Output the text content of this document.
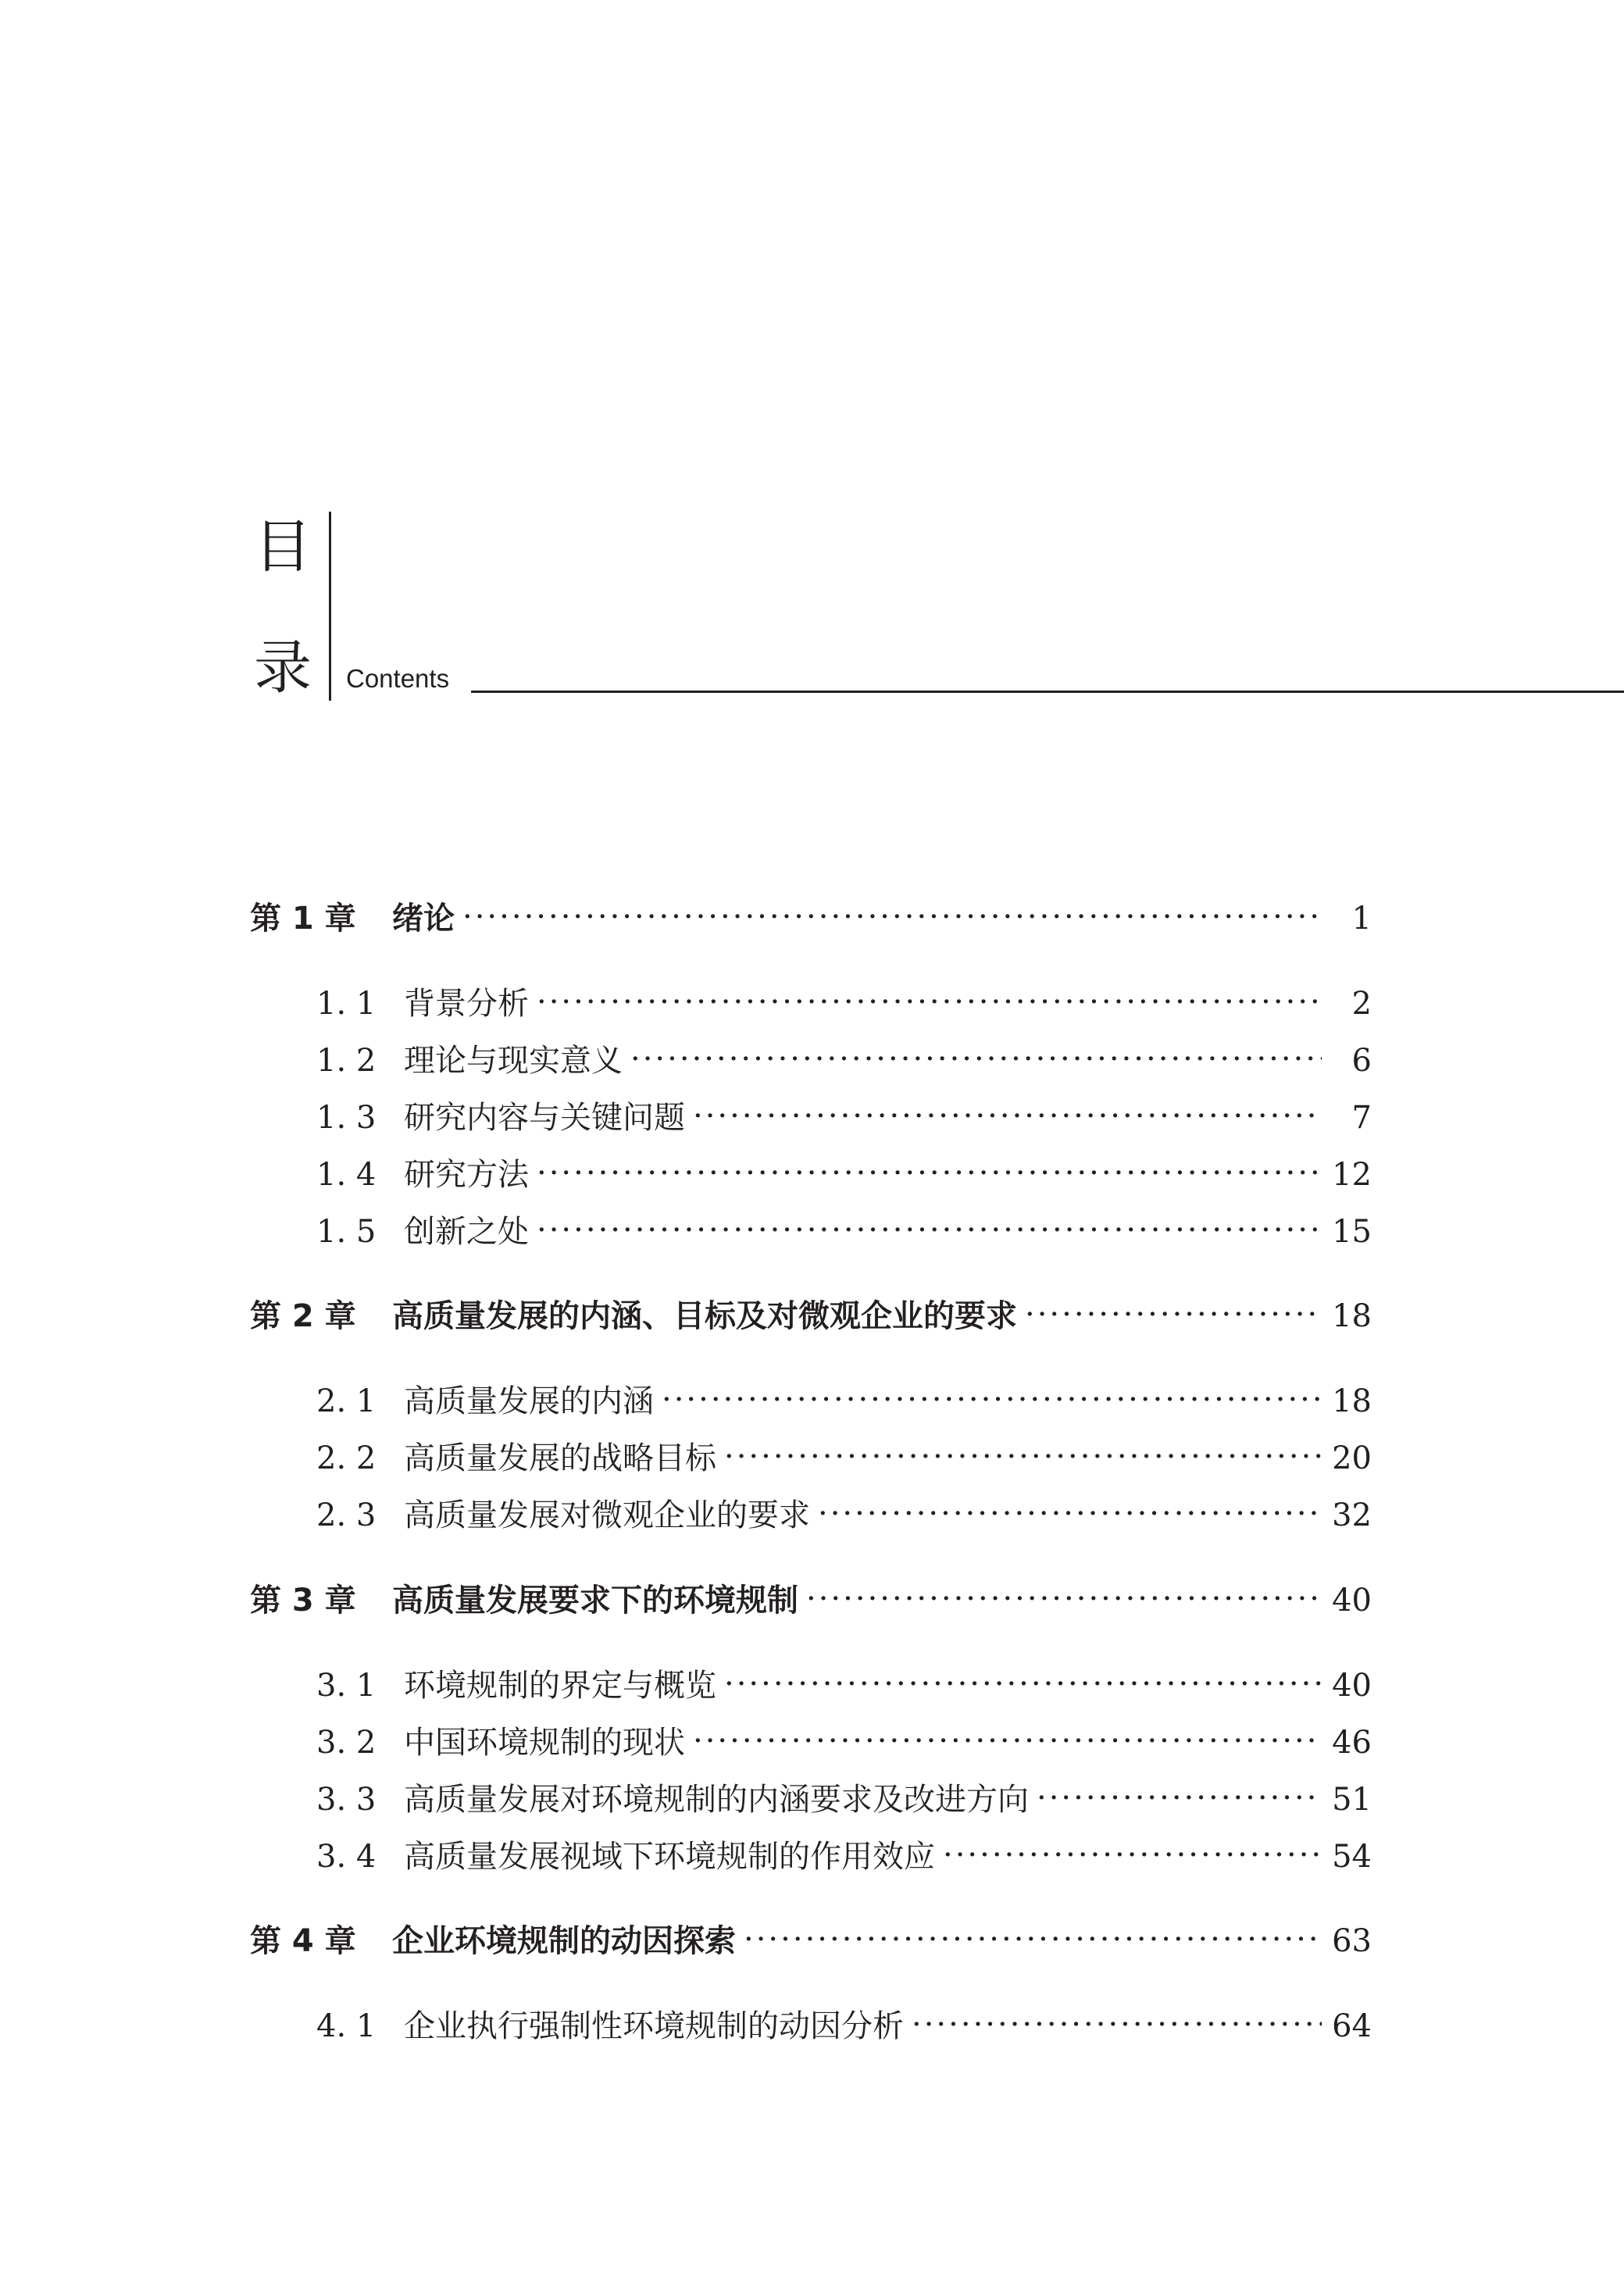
目
录 Contents
第 1 章	绪论 ·····	1
1. 1 背景分析 ·····	2
1. 2 理论与现实意义 ·····	6
1. 3 研究内容与关键问题 ·····	7
1. 4 研究方法 ·····	12
1. 5 创新之处 ·····	15
第 2 章	高质量发展的内涵、目标及对微观企业的要求 ·····	18
2. 1 高质量发展的内涵 ·····	18
2. 2 高质量发展的战略目标 ·····	20
2. 3 高质量发展对微观企业的要求 ·····	32
第 3 章	高质量发展要求下的环境规制 ·····	40
3. 1 环境规制的界定与概览 ·····	40
3. 2 中国环境规制的现状 ·····	46
3. 3 高质量发展对环境规制的内涵要求及改进方向 ·····	51
3. 4 高质量发展视域下环境规制的作用效应 ·····	54
第 4 章	企业环境规制的动因探索 ·····	63
4. 1 企业执行强制性环境规制的动因分析 ·····	64
